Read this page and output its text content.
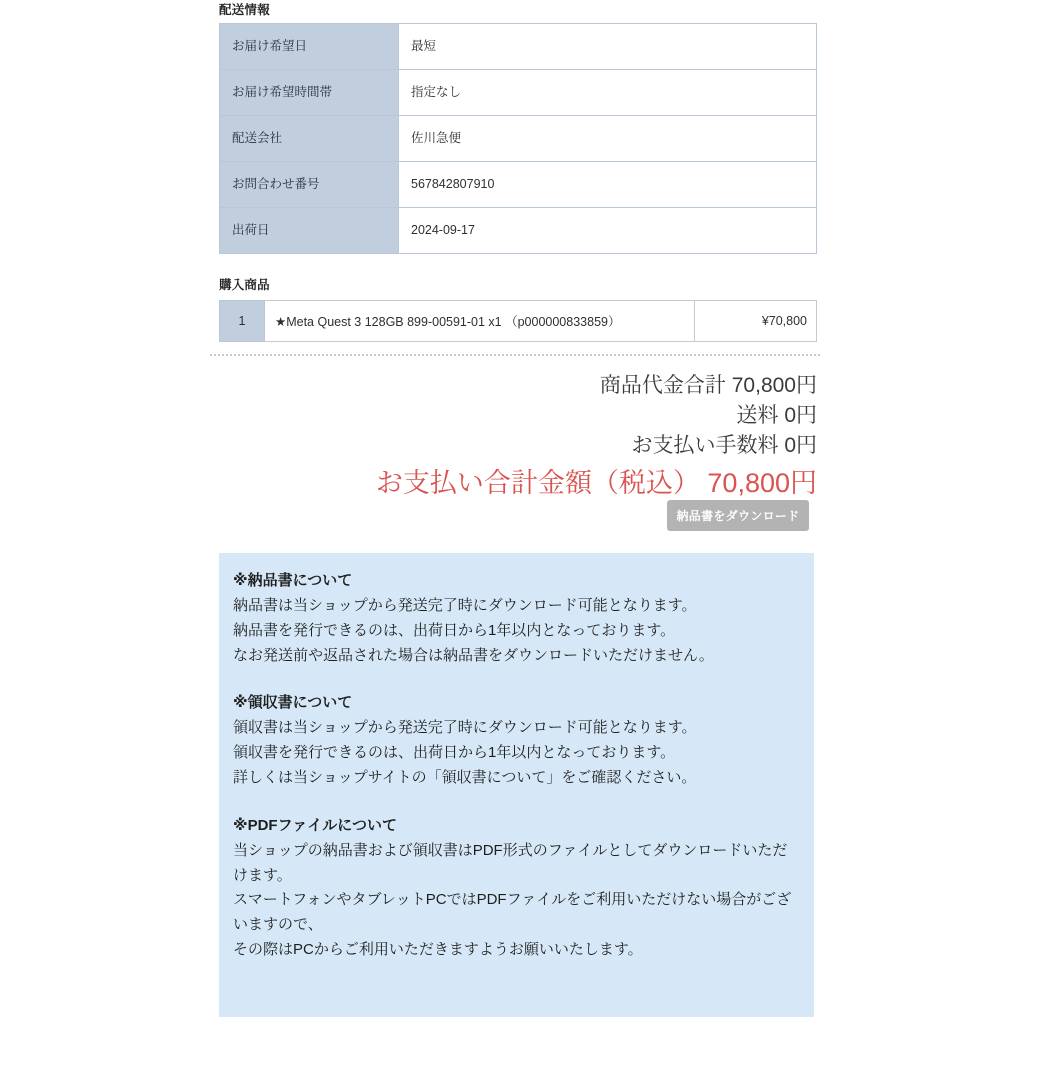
配送情報
お届け希望日	最短
お届け希望時間帯	指定なし
配送会社	佐川急便
お問合わせ番号	567842807910
出荷日	2024-09-17
購入商品
1	★Meta Quest 3 128GB 899-00591-01 x1 （p000000833859）	¥70,800
商品代金合計 70,800円
送料 0円
お支払い手数料 0円
お支払い合計金額（税込） 70,800円
納品書をダウンロード
※納品書について
納品書は当ショップから発送完了時にダウンロード可能となります。
納品書を発行できるのは、出荷日から1年以内となっております。
なお発送前や返品された場合は納品書をダウンロードいただけません。
※領収書について
領収書は当ショップから発送完了時にダウンロード可能となります。
領収書を発行できるのは、出荷日から1年以内となっております。
詳しくは当ショップサイトの「領収書について」をご確認ください。
※PDFファイルについて
当ショップの納品書および領収書はPDF形式のファイルとしてダウンロードいただけます。
スマートフォンやタブレットPCではPDFファイルをご利用いただけない場合がございますので、
その際はPCからご利用いただきますようお願いいたします。
